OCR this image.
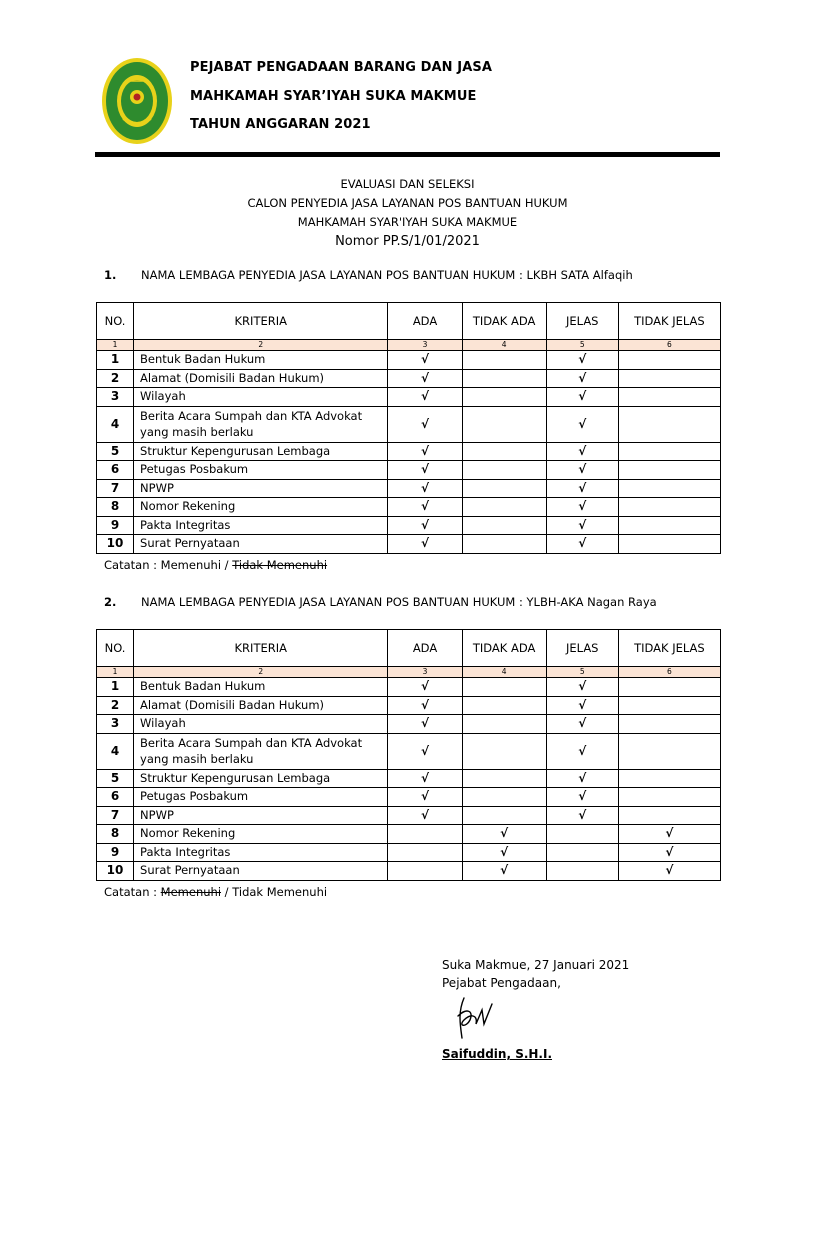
PEJABAT PENGADAAN BARANG DAN JASA
MAHKAMAH SYAR’IYAH SUKA MAKMUE
TAHUN ANGGARAN 2021
EVALUASI DAN SELEKSI
CALON PENYEDIA JASA LAYANAN POS BANTUAN HUKUM
MAHKAMAH SYAR'IYAH SUKA MAKMUE
Nomor PP.S/1/01/2021
1. NAMA LEMBAGA PENYEDIA JASA LAYANAN POS BANTUAN HUKUM : LKBH SATA Alfaqih
NO.	KRITERIA	ADA	TIDAK ADA	JELAS	TIDAK JELAS
1	2	3	4	5	6
1	Bentuk Badan Hukum	√		√	
2	Alamat (Domisili Badan Hukum)	√		√	
3	Wilayah	√		√	
4	Berita Acara Sumpah dan KTA Advokat yang masih berlaku	√		√	
5	Struktur Kepengurusan Lembaga	√		√	
6	Petugas Posbakum	√		√	
7	NPWP	√		√	
8	Nomor Rekening	√		√	
9	Pakta Integritas	√		√	
10	Surat Pernyataan	√		√	
Catatan : Memenuhi / Tidak Memenuhi
2. NAMA LEMBAGA PENYEDIA JASA LAYANAN POS BANTUAN HUKUM : YLBH-AKA Nagan Raya
NO.	KRITERIA	ADA	TIDAK ADA	JELAS	TIDAK JELAS
1	2	3	4	5	6
1	Bentuk Badan Hukum	√		√	
2	Alamat (Domisili Badan Hukum)	√		√	
3	Wilayah	√		√	
4	Berita Acara Sumpah dan KTA Advokat yang masih berlaku	√		√	
5	Struktur Kepengurusan Lembaga	√		√	
6	Petugas Posbakum	√		√	
7	NPWP	√		√	
8	Nomor Rekening		√		√
9	Pakta Integritas		√		√
10	Surat Pernyataan		√		√
Catatan : Memenuhi / Tidak Memenuhi
Suka Makmue, 27 Januari 2021
Pejabat Pengadaan,
Saifuddin, S.H.I.
